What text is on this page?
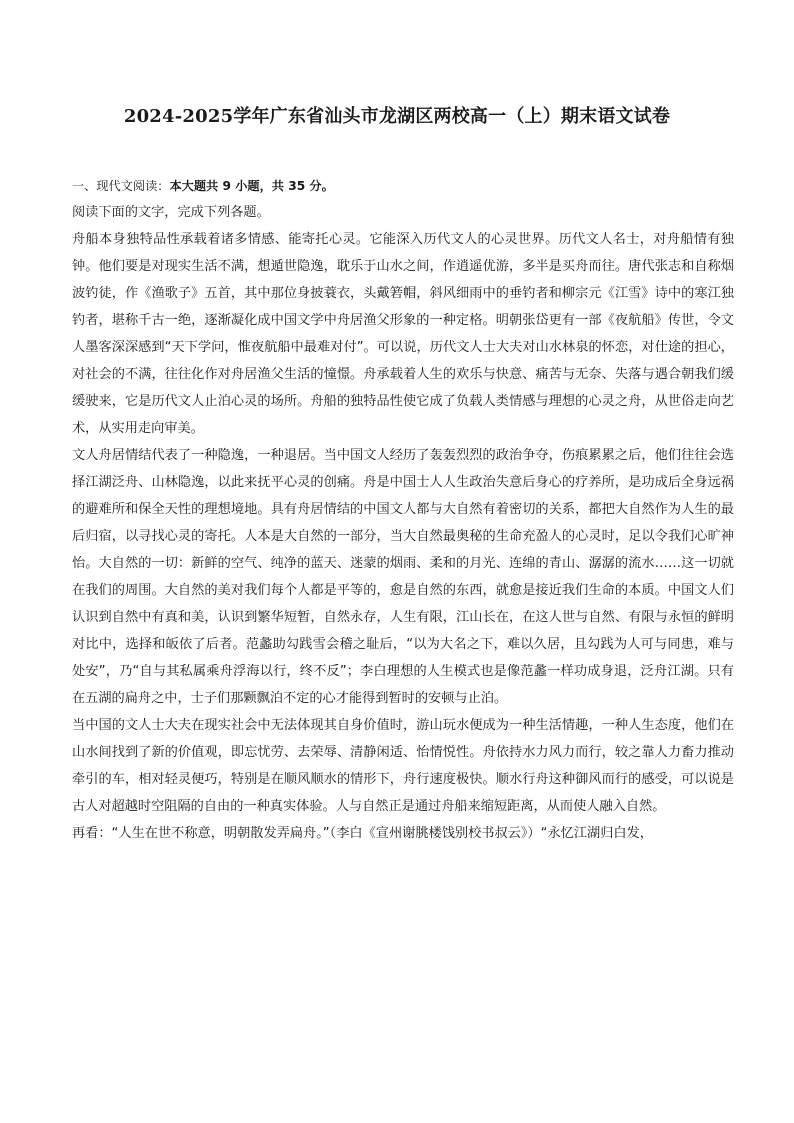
2024-2025学年广东省汕头市龙湖区两校高一（上）期末语文试卷
一、现代文阅读：本大题共 9 小题，共 35 分。

阅读下面的文字，完成下列各题。

舟船本身独特品性承载着诸多情感、能寄托心灵。它能深入历代文人的心灵世界。历代文人名士，对舟船情有独钟。他们要是对现实生活不满，想遁世隐逸，耽乐于山水之间，作逍遥优游，多半是买舟而往。唐代张志和自称烟波钓徒，作《渔歌子》五首，其中那位身披蓑衣，头戴箬帽，斜风细雨中的垂钓者和柳宗元《江雪》诗中的寒江独钓者，堪称千古一绝，逐渐凝化成中国文学中舟居渔父形象的一种定格。明朝张岱更有一部《夜航船》传世，令文人墨客深深感到“天下学问，惟夜航船中最难对付”。可以说，历代文人士大夫对山水林泉的怀恋，对仕途的担心，对社会的不满，往往化作对舟居渔父生活的憧憬。舟承载着人生的欢乐与快意、痛苦与无奈、失落与遇合朝我们缓缓驶来，它是历代文人止泊心灵的场所。舟船的独特品性使它成了负载人类情感与理想的心灵之舟，从世俗走向艺术，从实用走向审美。

文人舟居情结代表了一种隐逸，一种退居。当中国文人经历了轰轰烈烈的政治争夺，伤痕累累之后，他们往往会选择江湖泛舟、山林隐逸，以此来抚平心灵的创痛。舟是中国士人人生政治失意后身心的疗养所，是功成后全身远祸的避难所和保全天性的理想境地。具有舟居情结的中国文人都与大自然有着密切的关系，都把大自然作为人生的最后归宿，以寻找心灵的寄托。人本是大自然的一部分，当大自然最奥秘的生命充盈人的心灵时，足以令我们心旷神怡。大自然的一切：新鲜的空气、纯净的蓝天、迷蒙的烟雨、柔和的月光、连绵的青山、潺潺的流水……这一切就在我们的周围。大自然的美对我们每个人都是平等的，愈是自然的东西，就愈是接近我们生命的本质。中国文人们认识到自然中有真和美，认识到繁华短暂，自然永存，人生有限，江山长在，在这人世与自然、有限与永恒的鲜明对比中，选择和皈依了后者。范蠡助勾践雪会稽之耻后，“以为大名之下，难以久居，且勾践为人可与同患，难与处安”，乃“自与其私属乘舟浮海以行，终不反”；李白理想的人生模式也是像范蠡一样功成身退，泛舟江湖。只有在五湖的扁舟之中，士子们那颗飘泊不定的心才能得到暂时的安顿与止泊。

当中国的文人士大夫在现实社会中无法体现其自身价值时，游山玩水便成为一种生活情趣，一种人生态度，他们在山水间找到了新的价值观，即忘忧劳、去荣辱、清静闲适、怡情悦性。舟依持水力风力而行，较之靠人力畜力推动牵引的车，相对轻灵便巧，特别是在顺风顺水的情形下，舟行速度极快。顺水行舟这种御风而行的感受，可以说是古人对超越时空阻隔的自由的一种真实体验。人与自然正是通过舟船来缩短距离，从而使人融入自然。

再看：“人生在世不称意，明朝散发弄扁舟。”（李白《宣州谢朓楼饯别校书叔云》）“永忆江湖归白发，
